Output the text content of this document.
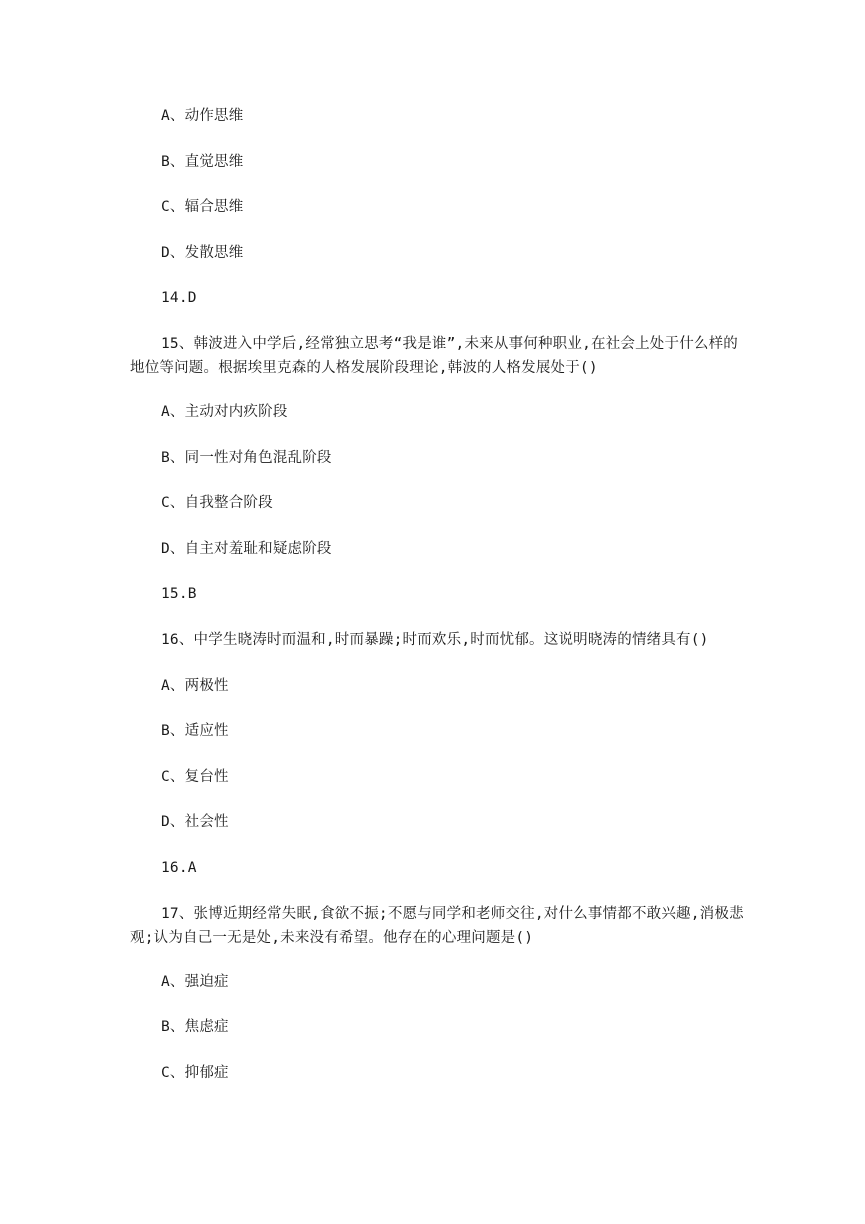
A、动作思维
B、直觉思维
C、辐合思维
D、发散思维
14.D
15、韩波进入中学后,经常独立思考“我是谁”,未来从事何种职业,在社会上处于什么样的地位等问题。根据埃里克森的人格发展阶段理论,韩波的人格发展处于()
A、主动对内疚阶段
B、同一性对角色混乱阶段
C、自我整合阶段
D、自主对羞耻和疑虑阶段
15.B
16、中学生晓涛时而温和,时而暴躁;时而欢乐,时而忧郁。这说明晓涛的情绪具有()
A、两极性
B、适应性
C、复台性
D、社会性
16.A
17、张博近期经常失眠,食欲不振;不愿与同学和老师交往,对什么事情都不敢兴趣,消极悲观;认为自己一无是处,未来没有希望。他存在的心理问题是()
A、强迫症
B、焦虑症
C、抑郁症
